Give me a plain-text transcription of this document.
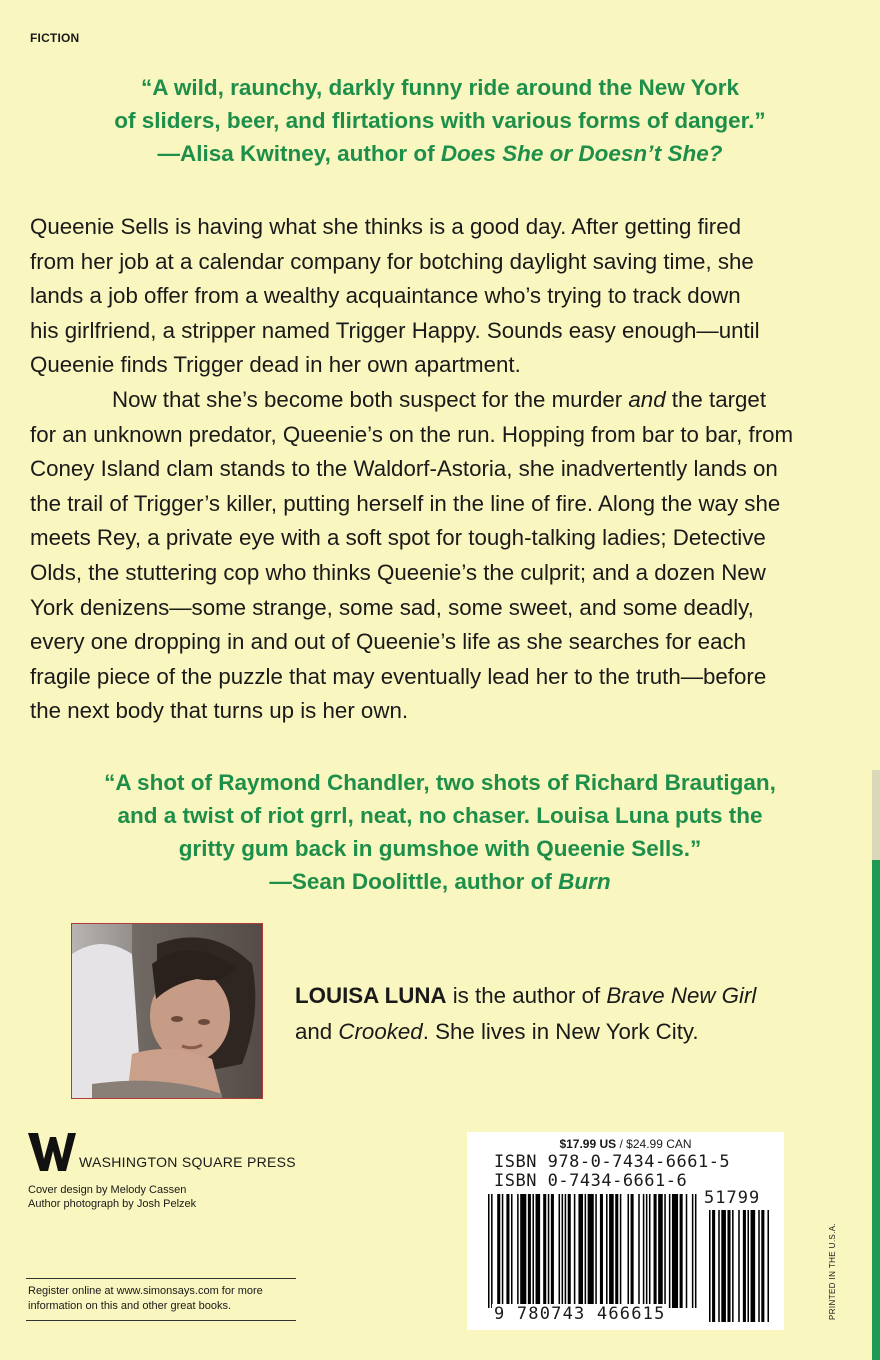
FICTION
“A wild, raunchy, darkly funny ride around the New York
of sliders, beer, and flirtations with various forms of danger.”
—Alisa Kwitney, author of Does She or Doesn’t She?
Queenie Sells is having what she thinks is a good day. After getting fired
from her job at a calendar company for botching daylight saving time, she
lands a job offer from a wealthy acquaintance who’s trying to track down
his girlfriend, a stripper named Trigger Happy. Sounds easy enough—until
Queenie finds Trigger dead in her own apartment.
Now that she’s become both suspect for the murder and the target
for an unknown predator, Queenie’s on the run. Hopping from bar to bar, from
Coney Island clam stands to the Waldorf-Astoria, she inadvertently lands on
the trail of Trigger’s killer, putting herself in the line of fire. Along the way she
meets Rey, a private eye with a soft spot for tough-talking ladies; Detective
Olds, the stuttering cop who thinks Queenie’s the culprit; and a dozen New
York denizens—some strange, some sad, some sweet, and some deadly,
every one dropping in and out of Queenie’s life as she searches for each
fragile piece of the puzzle that may eventually lead her to the truth—before
the next body that turns up is her own.
“A shot of Raymond Chandler, two shots of Richard Brautigan,
and a twist of riot grrl, neat, no chaser. Louisa Luna puts the
gritty gum back in gumshoe with Queenie Sells.”
—Sean Doolittle, author of Burn
LOUISA LUNA is the author of Brave New Girl
and Crooked. She lives in New York City.
WASHINGTON SQUARE PRESS
Cover design by Melody Cassen
Author photograph by Josh Pelzek
Register online at www.simonsays.com for more
information on this and other great books.
$17.99 US / $24.99 CAN
ISBN 978-0-7434-6661-5
ISBN 0-7434-6661-6
51799
9 780743 466615	PRINTED IN THE U.S.A.
